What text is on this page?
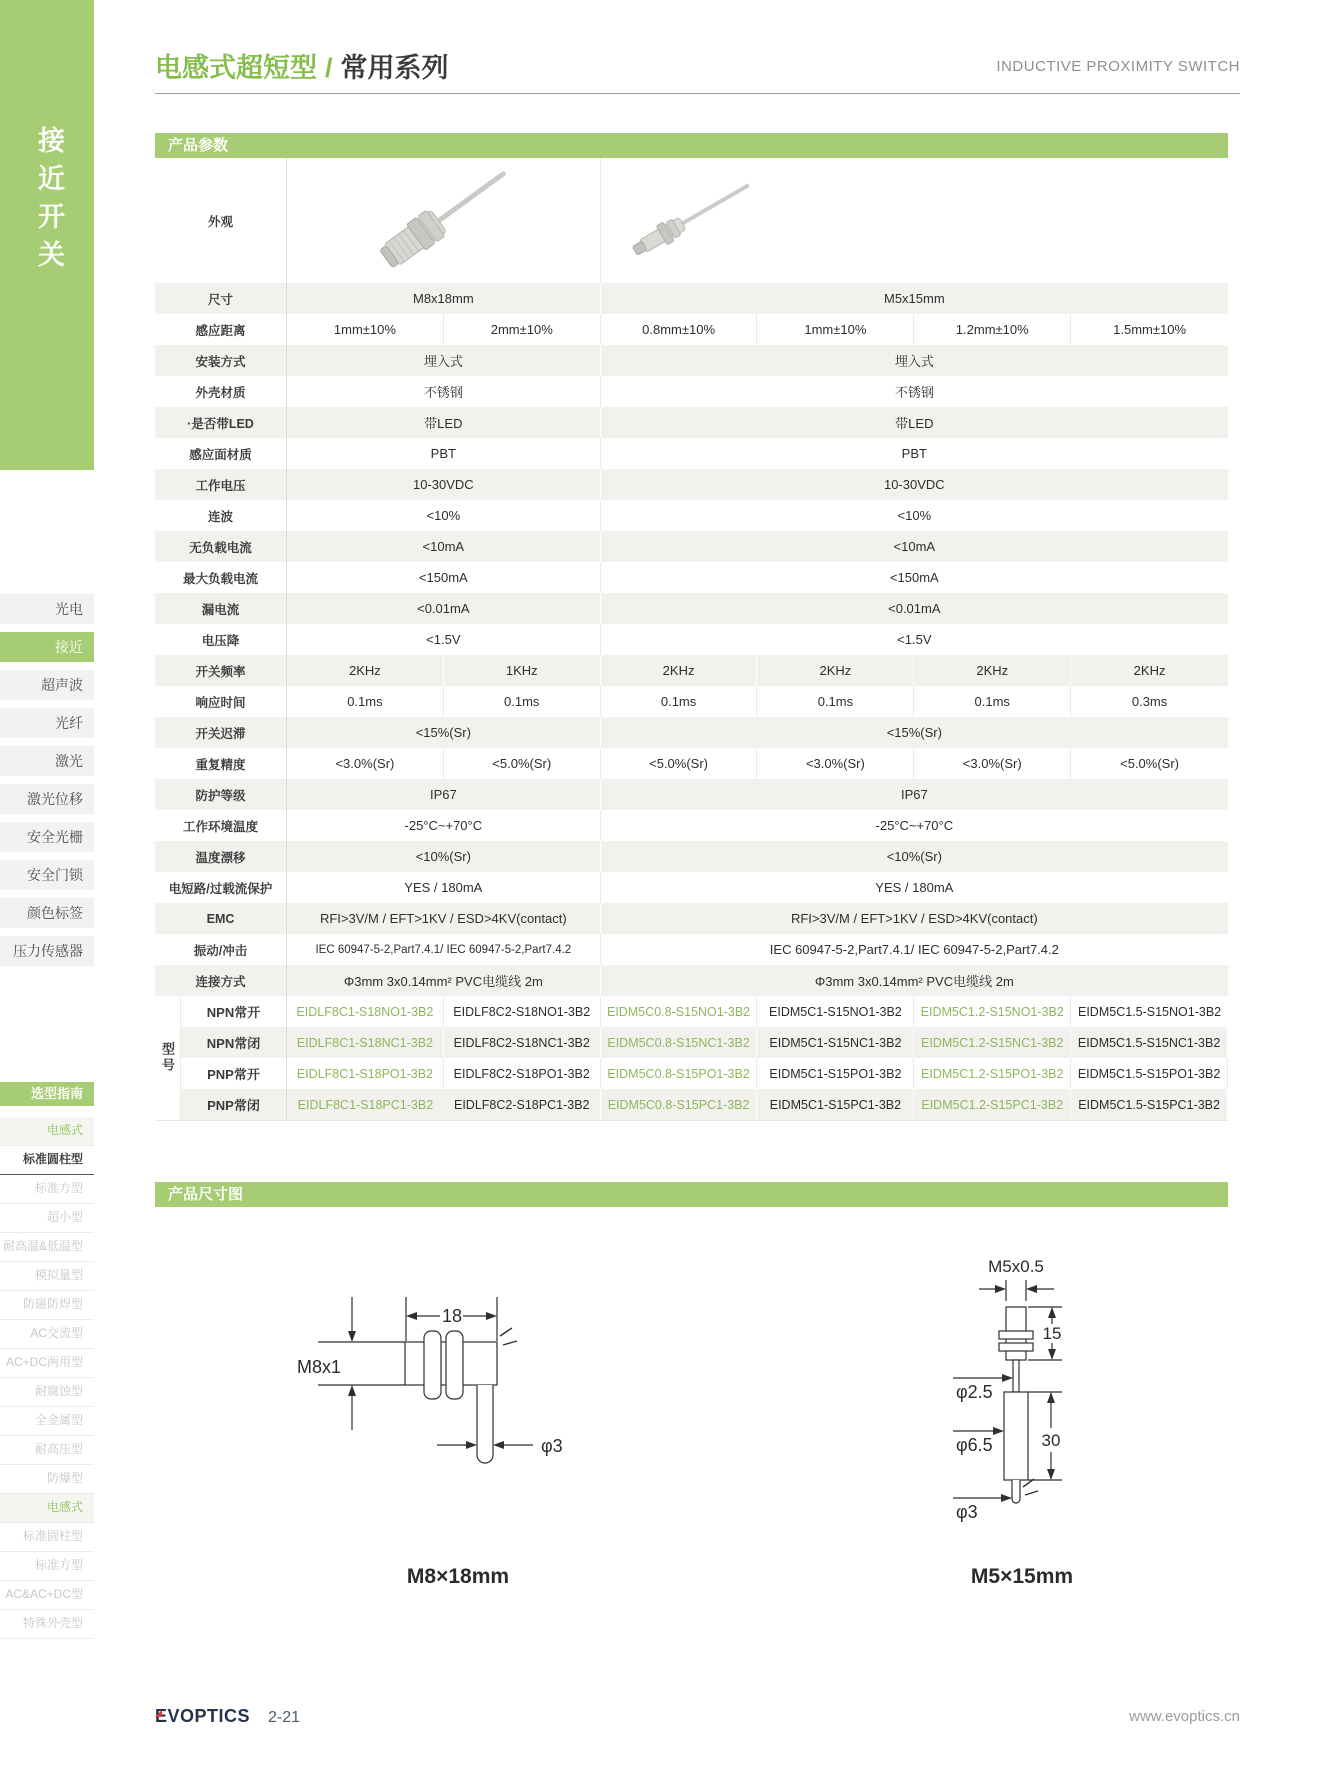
接近开关
光电
接近
超声波
光纤
激光
激光位移
安全光栅
安全门锁
颜色标签
压力传感器
选型指南
电感式
标准圆柱型
标准方型
超小型
耐高温&低温型
模拟量型
防磁防焊型
AC交流型
AC+DC两用型
耐腐蚀型
全金属型
耐高压型
防爆型
电感式
标准圆柱型
标准方型
AC&AC+DC型
特殊外壳型
电感式超短型 / 常用系列	INDUCTIVE PROXIMITY SWITCH
产品参数
外观
尺寸	M8x18mm	M5x15mm
感应距离	1mm±10%	2mm±10%	0.8mm±10%	1mm±10%	1.2mm±10%	1.5mm±10%
安装方式	埋入式	埋入式
外壳材质	不锈钢	不锈钢
·是否带LED	带LED	带LED
感应面材质	PBT	PBT
工作电压	10-30VDC	10-30VDC
连波	<10%	<10%
无负载电流	<10mA	<10mA
最大负载电流	<150mA	<150mA
漏电流	<0.01mA	<0.01mA
电压降	<1.5V	<1.5V
开关频率	2KHz	1KHz	2KHz	2KHz	2KHz	2KHz
响应时间	0.1ms	0.1ms	0.1ms	0.1ms	0.1ms	0.3ms
开关迟滞	<15%(Sr)	<15%(Sr)
重复精度	<3.0%(Sr)	<5.0%(Sr)	<5.0%(Sr)	<3.0%(Sr)	<3.0%(Sr)	<5.0%(Sr)
防护等级	IP67	IP67
工作环境温度	-25°C~+70°C	-25°C~+70°C
温度漂移	<10%(Sr)	<10%(Sr)
电短路/过载流保护	YES / 180mA	YES / 180mA
EMC	RFI>3V/M / EFT>1KV / ESD>4KV(contact)	RFI>3V/M / EFT>1KV / ESD>4KV(contact)
振动/冲击	IEC 60947-5-2,Part7.4.1/ IEC 60947-5-2,Part7.4.2	IEC 60947-5-2,Part7.4.1/ IEC 60947-5-2,Part7.4.2
连接方式	Φ3mm 3x0.14mm² PVC电缆线 2m	Φ3mm 3x0.14mm² PVC电缆线 2m
型号
NPN常开	EIDLF8C1-S18NO1-3B2	EIDLF8C2-S18NO1-3B2	EIDM5C0.8-S15NO1-3B2	EIDM5C1-S15NO1-3B2	EIDM5C1.2-S15NO1-3B2	EIDM5C1.5-S15NO1-3B2
NPN常闭	EIDLF8C1-S18NC1-3B2	EIDLF8C2-S18NC1-3B2	EIDM5C0.8-S15NC1-3B2	EIDM5C1-S15NC1-3B2	EIDM5C1.2-S15NC1-3B2	EIDM5C1.5-S15NC1-3B2
PNP常开	EIDLF8C1-S18PO1-3B2	EIDLF8C2-S18PO1-3B2	EIDM5C0.8-S15PO1-3B2	EIDM5C1-S15PO1-3B2	EIDM5C1.2-S15PO1-3B2	EIDM5C1.5-S15PO1-3B2
PNP常闭	EIDLF8C1-S18PC1-3B2	EIDLF8C2-S18PC1-3B2	EIDM5C0.8-S15PC1-3B2	EIDM5C1-S15PC1-3B2	EIDM5C1.2-S15PC1-3B2	EIDM5C1.5-S15PC1-3B2
产品尺寸图
18
M8x1
φ3
M8×18mm
M5x0.5
15
φ2.5
30
φ6.5
φ3
M5×15mm
EVOPTICS 2-21	www.evoptics.cn
